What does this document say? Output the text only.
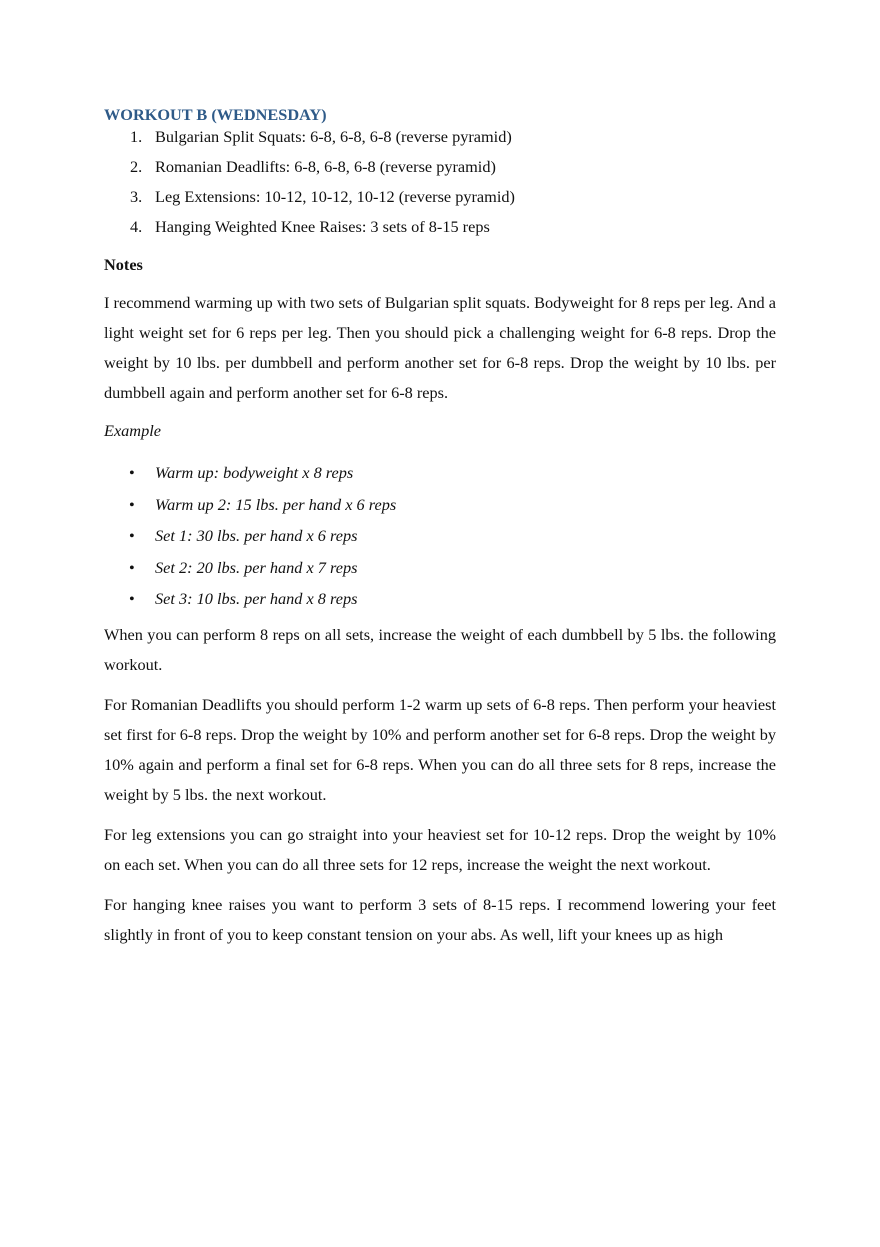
WORKOUT B (WEDNESDAY)
1. Bulgarian Split Squats: 6-8, 6-8, 6-8 (reverse pyramid)
2. Romanian Deadlifts: 6-8, 6-8, 6-8 (reverse pyramid)
3. Leg Extensions: 10-12, 10-12, 10-12 (reverse pyramid)
4. Hanging Weighted Knee Raises: 3 sets of 8-15 reps
Notes

I recommend warming up with two sets of Bulgarian split squats. Bodyweight for 8 reps per leg. And a light weight set for 6 reps per leg. Then you should pick a challenging weight for 6-8 reps. Drop the weight by 10 lbs. per dumbbell and perform another set for 6-8 reps. Drop the weight by 10 lbs. per dumbbell again and perform another set for 6-8 reps.

Example
• Warm up: bodyweight x 8 reps
• Warm up 2: 15 lbs. per hand x 6 reps
• Set 1: 30 lbs. per hand x 6 reps
• Set 2: 20 lbs. per hand x 7 reps
• Set 3: 10 lbs. per hand x 8 reps

When you can perform 8 reps on all sets, increase the weight of each dumbbell by 5 lbs. the following workout.

For Romanian Deadlifts you should perform 1-2 warm up sets of 6-8 reps. Then perform your heaviest set first for 6-8 reps. Drop the weight by 10% and perform another set for 6-8 reps. Drop the weight by 10% again and perform a final set for 6-8 reps. When you can do all three sets for 8 reps, increase the weight by 5 lbs. the next workout.

For leg extensions you can go straight into your heaviest set for 10-12 reps. Drop the weight by 10% on each set. When you can do all three sets for 12 reps, increase the weight the next workout.

For hanging knee raises you want to perform 3 sets of 8-15 reps. I recommend lowering your feet slightly in front of you to keep constant tension on your abs. As well, lift your knees up as high
